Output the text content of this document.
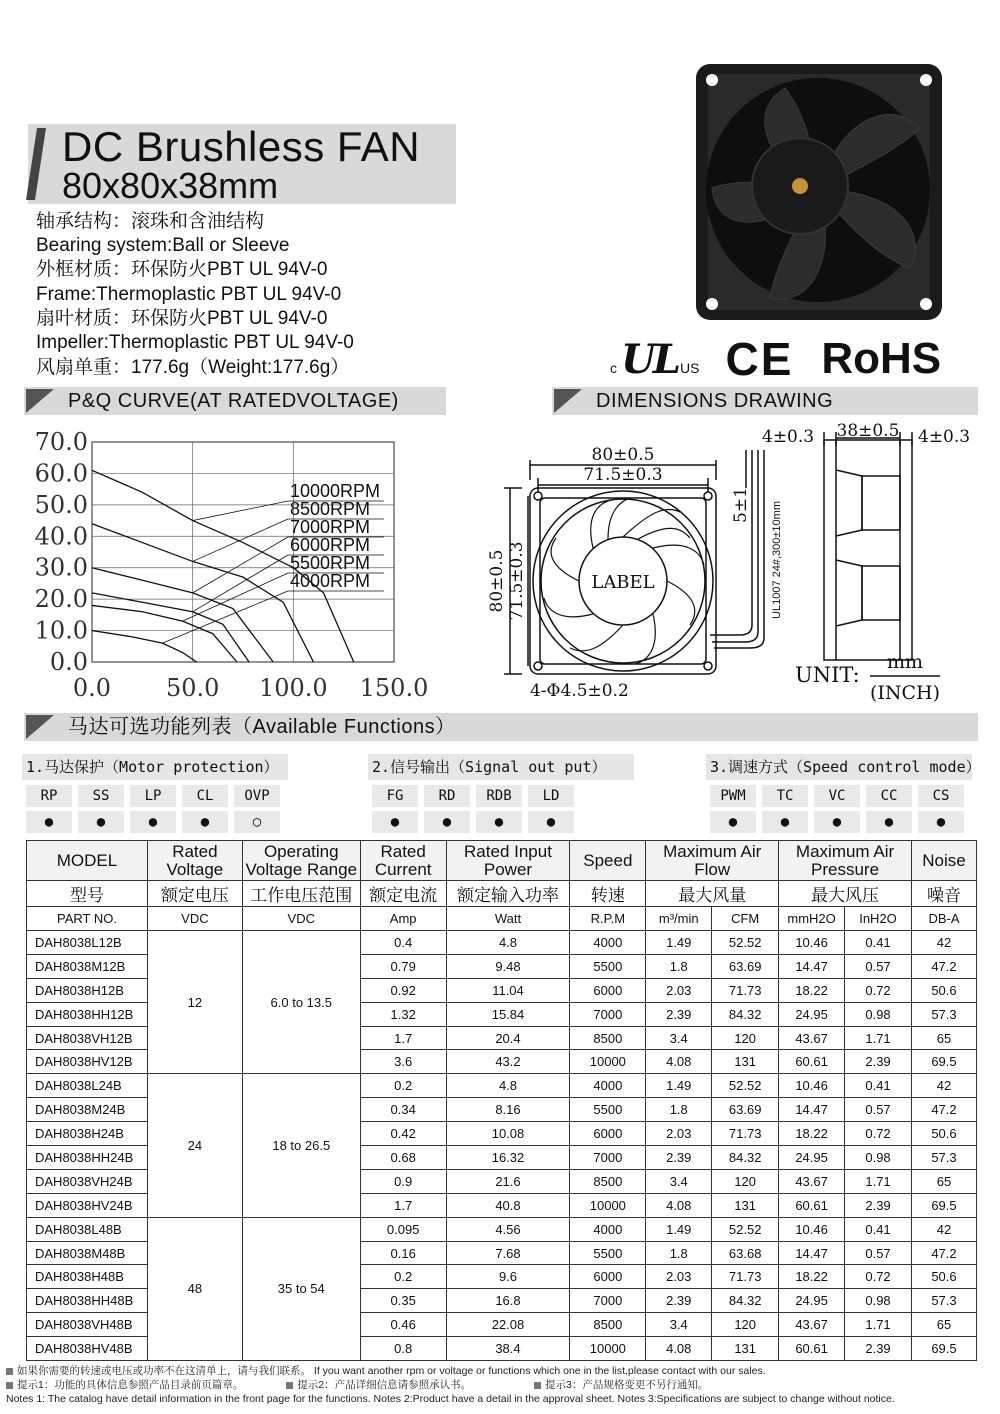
DC Brushless FAN
80x80x38mm
轴承结构：滚珠和含油结构
Bearing system:Ball or Sleeve
外框材质：环保防火PBT UL 94V-0
Frame:Thermoplastic PBT UL 94V-0
扇叶材质：环保防火PBT UL 94V-0
Impeller:Thermoplastic PBT UL 94V-0
风扇单重：177.6g（Weight:177.6g）	c UL US CE RoHS
P&Q CURVE(AT RATEDVOLTAGE)	DIMENSIONS DRAWING
0.0
10.0
20.0
30.0
40.0
50.0
60.0
70.0
0.0 50.0 100.0 150.0
10000RPM
8500RPM
7000RPM
6000RPM
5500RPM
4000RPM
80±0.5
71.5±0.3
80±0.5 71.5±0.3
5±1
LABEL
4-Φ4.5±0.2
4±0.3 38±0.5 4±0.3
UNIT:
mm
(INCH)
UL1007 24#,300±10mm
马达可选功能列表（Available Functions）
1.马达保护（Motor protection）	2.信号输出（Signal out put）	3.调速方式（Speed control mode）
RP
●
SS
●
LP
●
CL
●
OVP
○
FG
●
RD
●
RDB
●
LD
●
PWM
●
TC
●
VC
●
CC
●
CS
●
MODEL	Rated Voltage	Operating Voltage Range	Rated Current	Rated Input Power	Speed	Maximum Air Flow		Maximum Air Pressure		Noise
型号	额定电压	工作电压范围	额定电流	额定输入功率	转速	最大风量		最大风压		噪音
PART NO.	VDC	VDC	Amp	Watt	R.P.M	m³/min	CFM	mmH2O	InH2O	DB-A
DAH8038L12B	12	6.0 to 13.5	0.4	4.8	4000	1.49	52.52	10.46	0.41	42
DAH8038M12B			0.79	9.48	5500	1.8	63.69	14.47	0.57	47.2
DAH8038H12B			0.92	11.04	6000	2.03	71.73	18.22	0.72	50.6
DAH8038HH12B			1.32	15.84	7000	2.39	84.32	24.95	0.98	57.3
DAH8038VH12B			1.7	20.4	8500	3.4	120	43.67	1.71	65
DAH8038HV12B			3.6	43.2	10000	4.08	131	60.61	2.39	69.5
DAH8038L24B	24	18 to 26.5	0.2	4.8	4000	1.49	52.52	10.46	0.41	42
DAH8038M24B			0.34	8.16	5500	1.8	63.69	14.47	0.57	47.2
DAH8038H24B			0.42	10.08	6000	2.03	71.73	18.22	0.72	50.6
DAH8038HH24B			0.68	16.32	7000	2.39	84.32	24.95	0.98	57.3
DAH8038VH24B			0.9	21.6	8500	3.4	120	43.67	1.71	65
DAH8038HV24B			1.7	40.8	10000	4.08	131	60.61	2.39	69.5
DAH8038L48B	48	35 to 54	0.095	4.56	4000	1.49	52.52	10.46	0.41	42
DAH8038M48B			0.16	7.68	5500	1.8	63.68	14.47	0.57	47.2
DAH8038H48B			0.2	9.6	6000	2.03	71.73	18.22	0.72	50.6
DAH8038HH48B			0.35	16.8	7000	2.39	84.32	24.95	0.98	57.3
DAH8038VH48B			0.46	22.08	8500	3.4	120	43.67	1.71	65
DAH8038HV48B			0.8	38.4	10000	4.08	131	60.61	2.39	69.5
如果你需要的转速或电压或功率不在这清单上，请与我们联系。 If you want another rpm or voltage or functions which one in the list,please contact with our sales.
提示1：功能的具体信息参照产品目录前页篇章。	提示2：产品详细信息请参照承认书。	提示3：产品规格变更不另行通知。
Notes 1: The catalog have detail information in the front page for the functions. Notes 2:Product have a detail in the approval sheet. Notes 3:Specifications are subject to change without notice.
